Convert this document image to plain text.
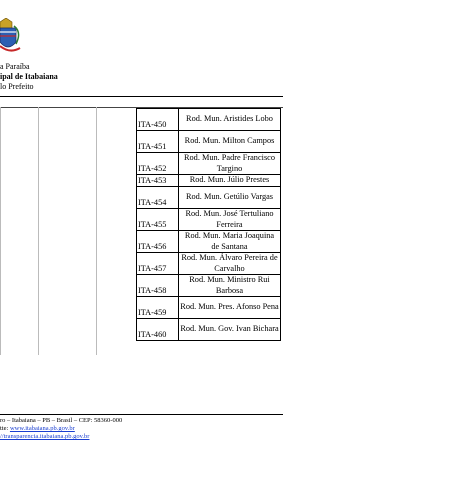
a Paraíba
ipal de Itabaiana
lo Prefeito
ITA-450	Rod. Mun. Aristides Lobo
ITA-451	Rod. Mun. Milton Campos
ITA-452	Rod. Mun. Padre Francisco Targino
ITA-453	Rod. Mun. Júlio Prestes
ITA-454	Rod. Mun. Getúlio Vargas
ITA-455	Rod. Mun. José Tertuliano Ferreira
ITA-456	Rod. Mun. Maria Joaquina de Santana
ITA-457	Rod. Mun. Álvaro Pereira de Carvalho
ITA-458	Rod. Mun. Ministro Rui Barbosa
ITA-459	Rod. Mun. Pres. Afonso Pena
ITA-460	Rod. Mun. Gov. Ivan Bichara
ro – Itabaiana – PB – Brasil – CEP: 58360-000
tte: www.itabaiana.pb.gov.br
//transparencia.itabaiana.pb.gov.br
